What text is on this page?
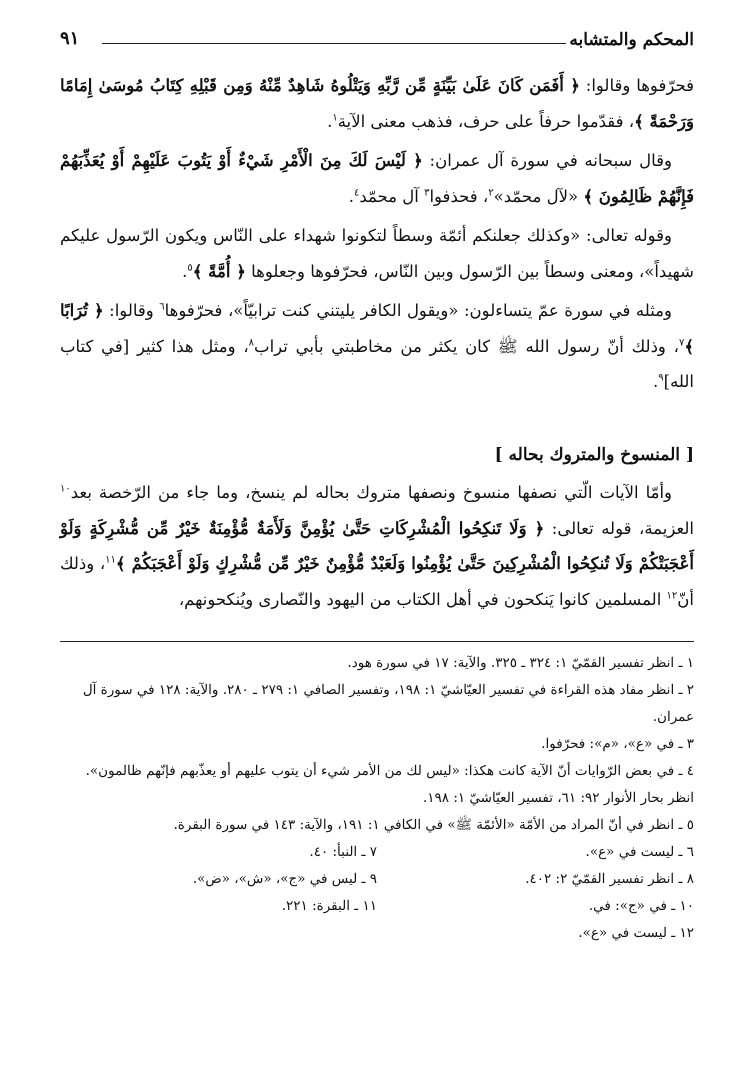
المحكم والمتشابه
٩١

فحرّفوها وقالوا: ﴿ أَفَمَن كَانَ عَلَىٰ بَيِّنَةٍ مِّن رَّبِّهِ وَيَتْلُوهُ شَاهِدٌ مِّنْهُ وَمِن قَبْلِهِ كِتَابُ مُوسَىٰ إِمَامًا وَرَحْمَةً ﴾، فقدّموا حرفاً على حرف، فذهب معنى الآية$^١$.

وقال سبحانه في سورة آل عمران: ﴿ لَيْسَ لَكَ مِنَ الْأَمْرِ شَيْءٌ أَوْ يَتُوبَ عَلَيْهِمْ أَوْ يُعَذِّبَهُمْ فَإِنَّهُمْ ظَالِمُونَ ﴾ «لآل محمّد»$^٢$، فحذفوا$^٣$ آل محمّد$^٤$.

وقوله تعالى: «وكذلك جعلنكم أئمّة وسطاً لتكونوا شهداء على النّاس ويكون الرّسول عليكم شهيداً»، ومعنى وسطاً بين الرّسول وبين النّاس، فحرّفوها وجعلوها ﴿ أُمَّةً ﴾$^٥$.

ومثله في سورة عمّ يتساءلون: «ويقول الكافر يليتني كنت ترابيّاً»، فحرّفوها$^٦$ وقالوا: ﴿ تُرَابًا ﴾$^٧$، وذلك أنّ رسول الله ﷺ كان يكثر من مخاطبتي بأبي تراب$^٨$، ومثل هذا كثير [في كتاب الله]$^٩$.

[ المنسوخ والمتروك بحاله ]

وأمّا الآيات الّتي نصفها منسوخ ونصفها متروك بحاله لم ينسخ، وما جاء من الرّخصة بعد$^{١٠}$ العزيمة، قوله تعالى: ﴿ وَلَا تَنكِحُوا الْمُشْرِكَاتِ حَتَّىٰ يُؤْمِنَّ وَلَأَمَةٌ مُّؤْمِنَةٌ خَيْرٌ مِّن مُّشْرِكَةٍ وَلَوْ أَعْجَبَتْكُمْ وَلَا تُنكِحُوا الْمُشْرِكِينَ حَتَّىٰ يُؤْمِنُوا وَلَعَبْدٌ مُّؤْمِنٌ خَيْرٌ مِّن مُّشْرِكٍ وَلَوْ أَعْجَبَكُمْ ﴾$^{١١}$، وذلك أنّ$^{١٢}$ المسلمين كانوا يَنكحون في أهل الكتاب من اليهود والنّصارى ويُنكحونهم،

١ ـ انظر تفسير القمّيّ ١: ٣٢٤ ـ ٣٢٥. والآية: ١٧ في سورة هود.

٢ ـ انظر مفاد هذه القراءة في تفسير العيّاشيّ ١: ١٩٨، وتفسير الصافي ١: ٢٧٩ ـ ٢٨٠. والآية: ١٢٨ في سورة آل عمران.

٣ ـ في «ع»، «م»: فحرّفوا.

٤ ـ في بعض الرّوايات أنّ الآية كانت هكذا: «ليس لك من الأمر شيء أن يتوب عليهم أو يعذّبهم فإنّهم ظالمون». انظر بحار الأنوار ٩٢: ٦١، تفسير العيّاشيّ ١: ١٩٨.

٥ ـ انظر في أنّ المراد من الأمّة «الأئمّة ﷺ» في الكافي ١: ١٩١، والآية: ١٤٣ في سورة البقرة.

٦ ـ ليست في «ع».

٧ ـ النبأ: ٤٠.

٨ ـ انظر تفسير القمّيّ ٢: ٤٠٢.

٩ ـ ليس في «ج»، «ش»، «ض».

١٠ ـ في «ج»: في.

١١ ـ البقرة: ٢٢١.

١٢ ـ ليست في «ع».
